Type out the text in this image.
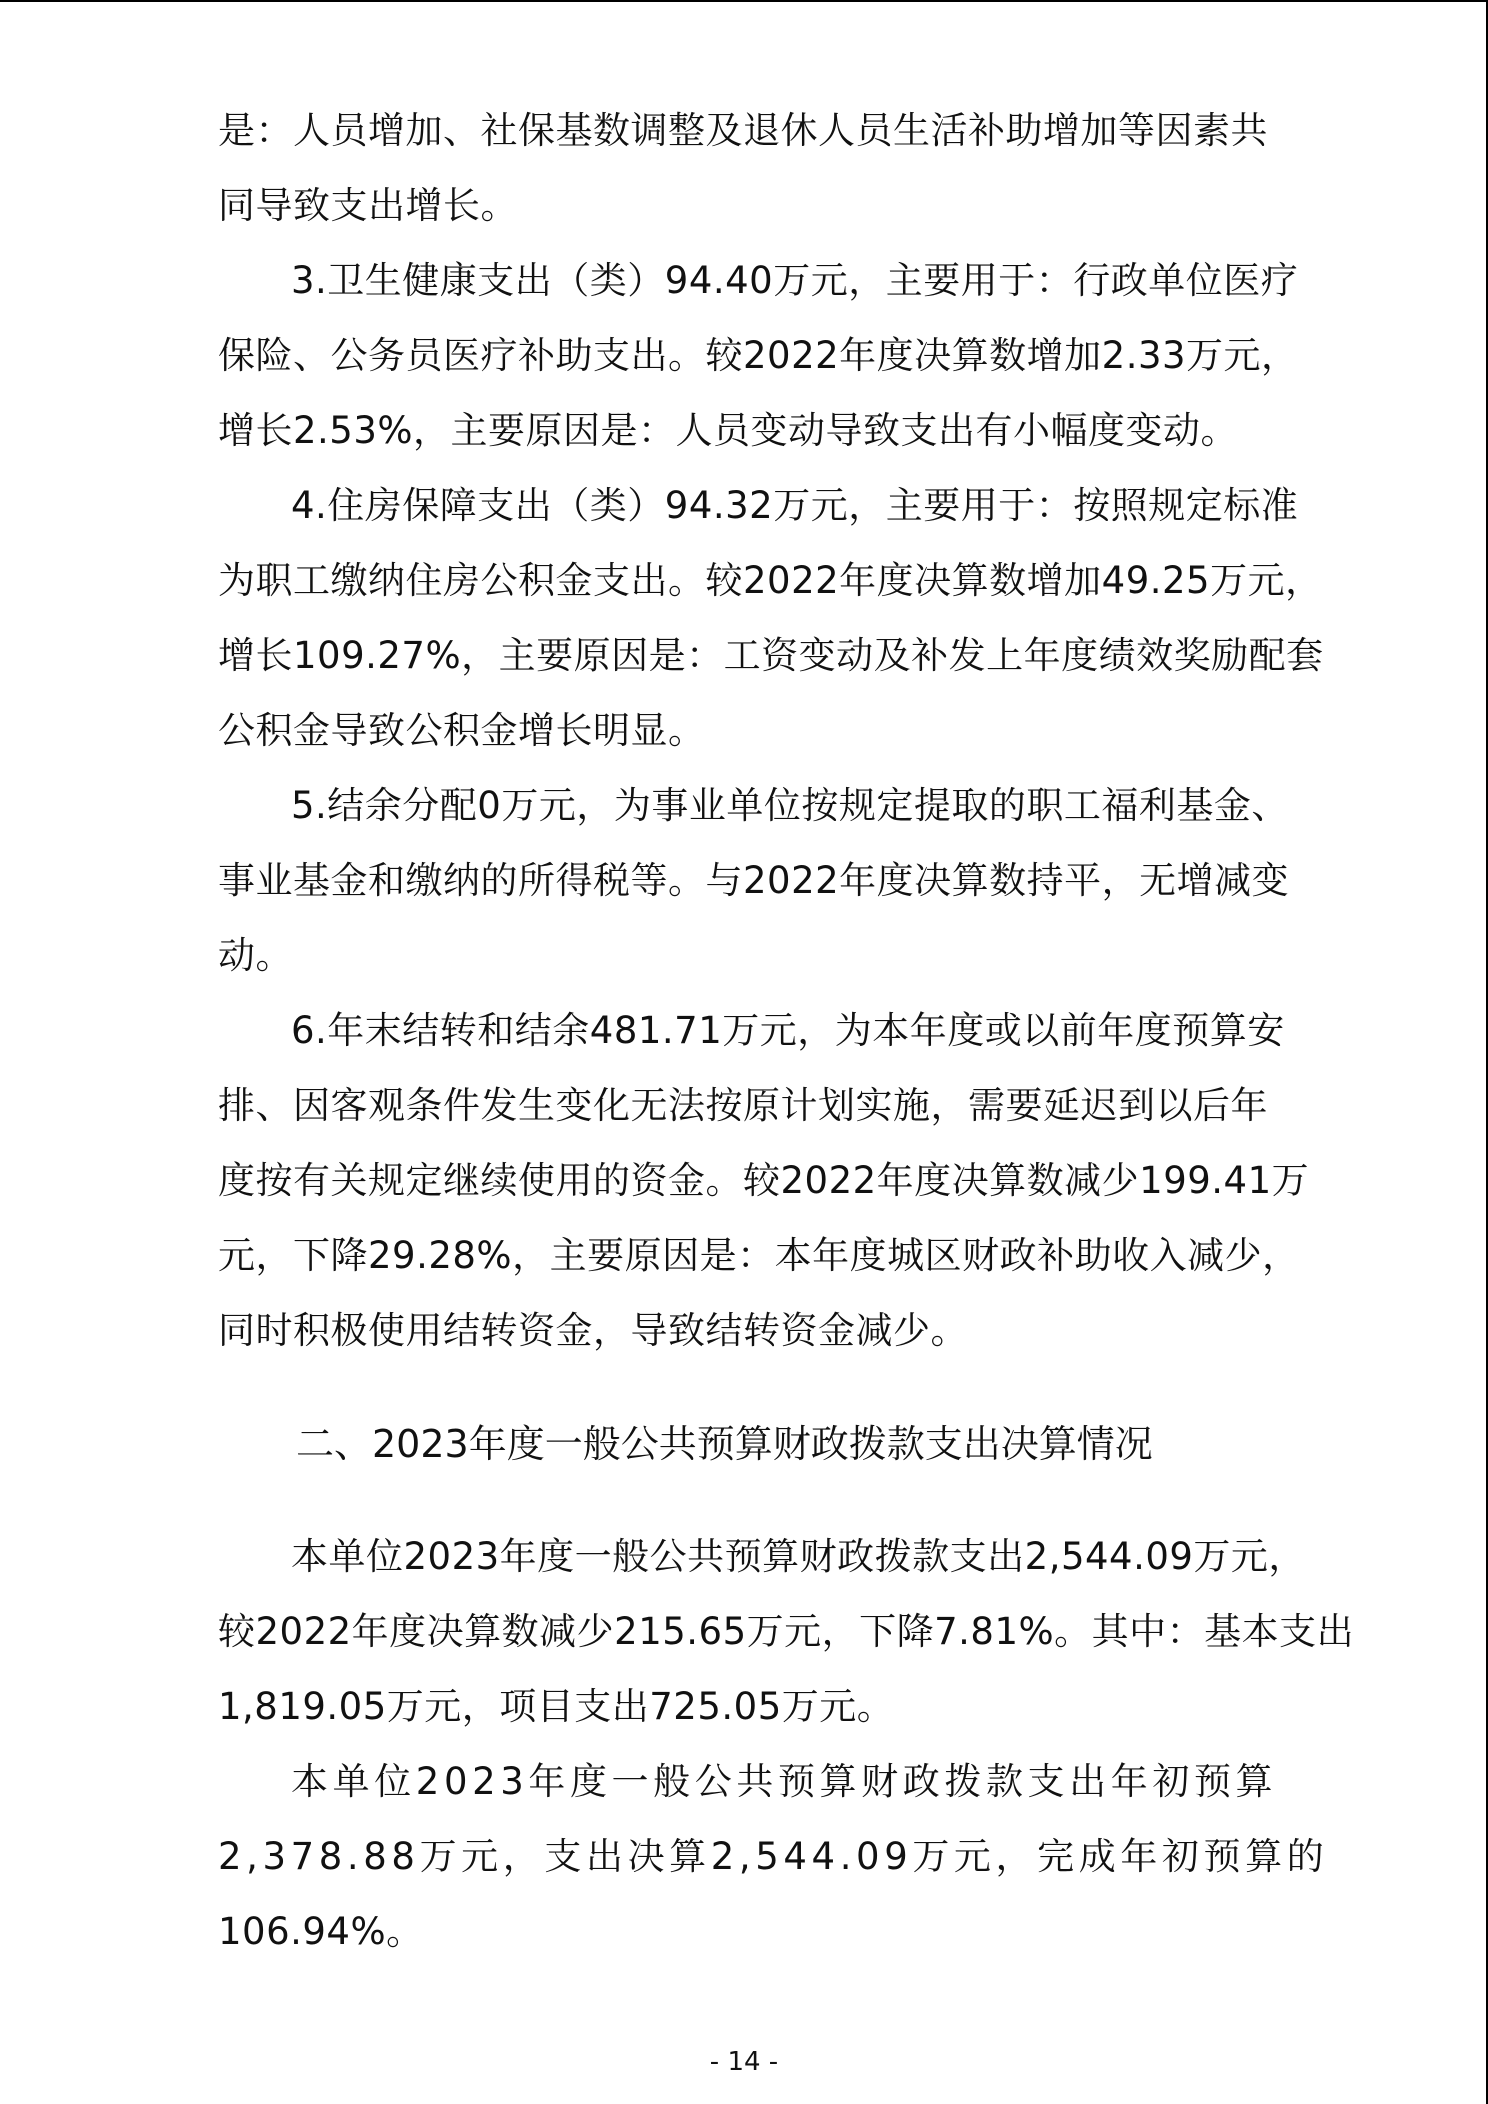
是：人员增加、社保基数调整及退休人员生活补助增加等因素共
同导致支出增长。
3.卫生健康支出（类）94.40万元，主要用于：行政单位医疗
保险、公务员医疗补助支出。较2022年度决算数增加2.33万元，
增长2.53%，主要原因是：人员变动导致支出有小幅度变动。
4.住房保障支出（类）94.32万元，主要用于：按照规定标准
为职工缴纳住房公积金支出。较2022年度决算数增加49.25万元，
增长109.27%，主要原因是：工资变动及补发上年度绩效奖励配套
公积金导致公积金增长明显。
5.结余分配0万元，为事业单位按规定提取的职工福利基金、
事业基金和缴纳的所得税等。与2022年度决算数持平，无增减变
动。
6.年末结转和结余481.71万元，为本年度或以前年度预算安
排、因客观条件发生变化无法按原计划实施，需要延迟到以后年
度按有关规定继续使用的资金。较2022年度决算数减少199.41万
元，下降29.28%，主要原因是：本年度城区财政补助收入减少，
同时积极使用结转资金，导致结转资金减少。
二、2023年度一般公共预算财政拨款支出决算情况
本单位2023年度一般公共预算财政拨款支出2,544.09万元，
较2022年度决算数减少215.65万元，下降7.81%。其中：基本支出
1,819.05万元，项目支出725.05万元。
本单位2023年度一般公共预算财政拨款支出年初预算
2,378.88万元，支出决算2,544.09万元，完成年初预算的
106.94%。
- 14 -
